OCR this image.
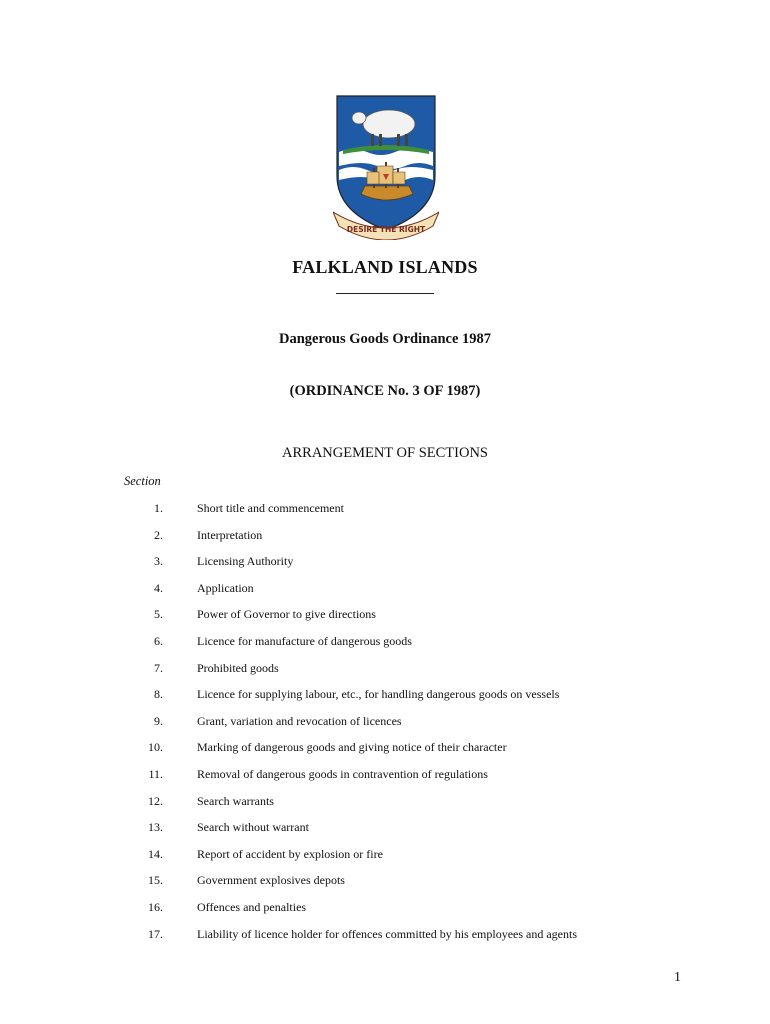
DESIRE THE RIGHT
FALKLAND ISLANDS
Dangerous Goods Ordinance 1987
(ORDINANCE No. 3 OF 1987)
ARRANGEMENT OF SECTIONS
Section
1.	Short title and commencement
2.	Interpretation
3.	Licensing Authority
4.	Application
5.	Power of Governor to give directions
6.	Licence for manufacture of dangerous goods
7.	Prohibited goods
8.	Licence for supplying labour, etc., for handling dangerous goods on vessels
9.	Grant, variation and revocation of licences
10.	Marking of dangerous goods and giving notice of their character
11.	Removal of dangerous goods in contravention of regulations
12.	Search warrants
13.	Search without warrant
14.	Report of accident by explosion or fire
15.	Government explosives depots
16.	Offences and penalties
17.	Liability of licence holder for offences committed by his employees and agents
1
